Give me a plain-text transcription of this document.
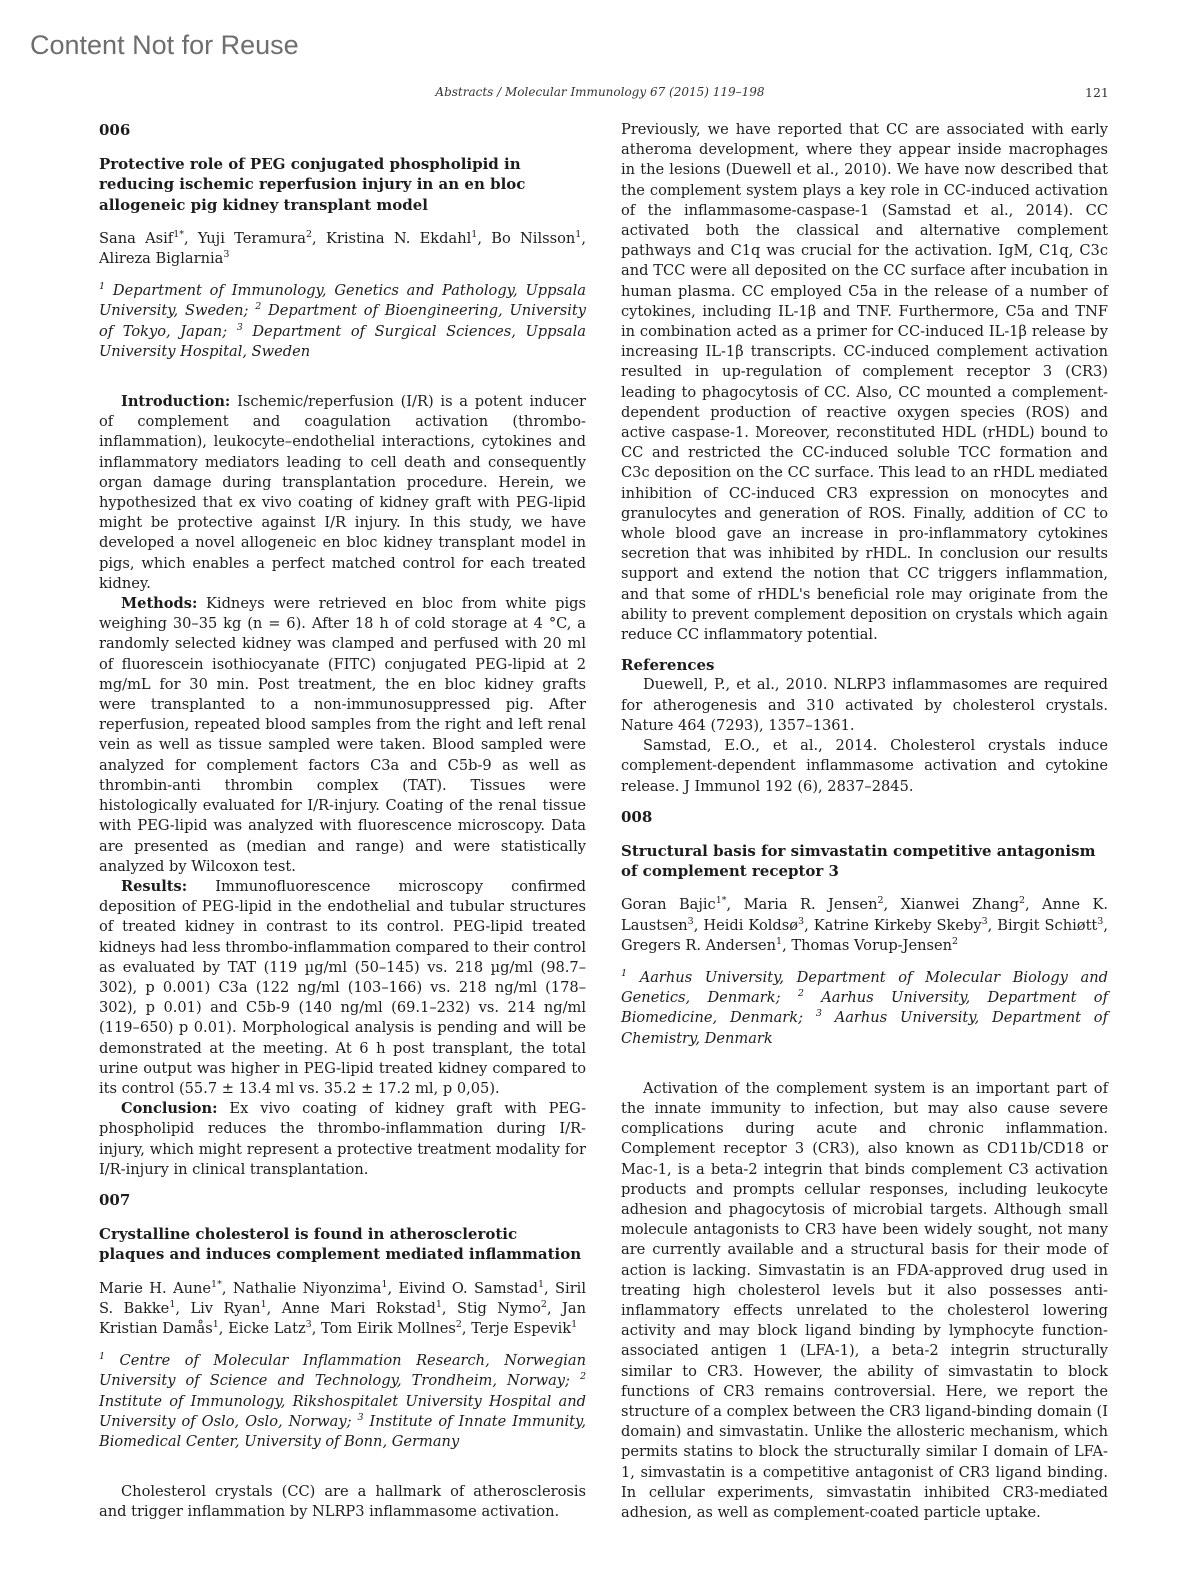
Content Not for Reuse
Abstracts / Molecular Immunology 67 (2015) 119–198	121
006
Protective role of PEG conjugated phospholipid in reducing ischemic reperfusion injury in an en bloc allogeneic pig kidney transplant model
Sana Asif$^{1*}$, Yuji Teramura$^2$, Kristina N. Ekdahl$^1$, Bo Nilsson$^1$, Alireza Biglarnia$^3$
$^1$ Department of Immunology, Genetics and Pathology, Uppsala University, Sweden; $^2$ Department of Bioengineering, University of Tokyo, Japan; $^3$ Department of Surgical Sciences, Uppsala University Hospital, Sweden

Introduction: Ischemic/reperfusion (I/R) is a potent inducer of complement and coagulation activation (thrombo-inflammation), leukocyte–endothelial interactions, cytokines and inflammatory mediators leading to cell death and consequently organ damage during transplantation procedure. Herein, we hypothesized that ex vivo coating of kidney graft with PEG-lipid might be protective against I/R injury. In this study, we have developed a novel allogeneic en bloc kidney transplant model in pigs, which enables a perfect matched control for each treated kidney.

Methods: Kidneys were retrieved en bloc from white pigs weighing 30–35 kg (n = 6). After 18 h of cold storage at 4 °C, a randomly selected kidney was clamped and perfused with 20 ml of fluorescein isothiocyanate (FITC) conjugated PEG-lipid at 2 mg/mL for 30 min. Post treatment, the en bloc kidney grafts were transplanted to a non-immunosuppressed pig. After reperfusion, repeated blood samples from the right and left renal vein as well as tissue sampled were taken. Blood sampled were analyzed for complement factors C3a and C5b-9 as well as thrombin-anti thrombin complex (TAT). Tissues were histologically evaluated for I/R-injury. Coating of the renal tissue with PEG-lipid was analyzed with fluorescence microscopy. Data are presented as (median and range) and were statistically analyzed by Wilcoxon test.

Results: Immunofluorescence microscopy confirmed deposition of PEG-lipid in the endothelial and tubular structures of treated kidney in contrast to its control. PEG-lipid treated kidneys had less thrombo-inflammation compared to their control as evaluated by TAT (119 µg/ml (50–145) vs. 218 µg/ml (98.7–302), p 0.001) C3a (122 ng/ml (103–166) vs. 218 ng/ml (178–302), p 0.01) and C5b-9 (140 ng/ml (69.1–232) vs. 214 ng/ml (119–650) p 0.01). Morphological analysis is pending and will be demonstrated at the meeting. At 6 h post transplant, the total urine output was higher in PEG-lipid treated kidney compared to its control (55.7 ± 13.4 ml vs. 35.2 ± 17.2 ml, p 0,05).

Conclusion: Ex vivo coating of kidney graft with PEG-phospholipid reduces the thrombo-inflammation during I/R-injury, which might represent a protective treatment modality for I/R-injury in clinical transplantation.

007
Crystalline cholesterol is found in atherosclerotic plaques and induces complement mediated inflammation
Marie H. Aune$^{1*}$, Nathalie Niyonzima$^1$, Eivind O. Samstad$^1$, Siril S. Bakke$^1$, Liv Ryan$^1$, Anne Mari Rokstad$^1$, Stig Nymo$^2$, Jan Kristian Damås$^1$, Eicke Latz$^3$, Tom Eirik Mollnes$^2$, Terje Espevik$^1$
$^1$ Centre of Molecular Inflammation Research, Norwegian University of Science and Technology, Trondheim, Norway; $^2$ Institute of Immunology, Rikshospitalet University Hospital and University of Oslo, Oslo, Norway; $^3$ Institute of Innate Immunity, Biomedical Center, University of Bonn, Germany

Cholesterol crystals (CC) are a hallmark of atherosclerosis and trigger inflammation by NLRP3 inflammasome activation.

Previously, we have reported that CC are associated with early atheroma development, where they appear inside macrophages in the lesions (Duewell et al., 2010). We have now described that the complement system plays a key role in CC-induced activation of the inflammasome-caspase-1 (Samstad et al., 2014). CC activated both the classical and alternative complement pathways and C1q was crucial for the activation. IgM, C1q, C3c and TCC were all deposited on the CC surface after incubation in human plasma. CC employed C5a in the release of a number of cytokines, including IL-1β and TNF. Furthermore, C5a and TNF in combination acted as a primer for CC-induced IL-1β release by increasing IL-1β transcripts. CC-induced complement activation resulted in up-regulation of complement receptor 3 (CR3) leading to phagocytosis of CC. Also, CC mounted a complement-dependent production of reactive oxygen species (ROS) and active caspase-1. Moreover, reconstituted HDL (rHDL) bound to CC and restricted the CC-induced soluble TCC formation and C3c deposition on the CC surface. This lead to an rHDL mediated inhibition of CC-induced CR3 expression on monocytes and granulocytes and generation of ROS. Finally, addition of CC to whole blood gave an increase in pro-inflammatory cytokines secretion that was inhibited by rHDL. In conclusion our results support and extend the notion that CC triggers inflammation, and that some of rHDL's beneficial role may originate from the ability to prevent complement deposition on crystals which again reduce CC inflammatory potential.

References

Duewell, P., et al., 2010. NLRP3 inflammasomes are required for atherogenesis and 310 activated by cholesterol crystals. Nature 464 (7293), 1357–1361.

Samstad, E.O., et al., 2014. Cholesterol crystals induce complement-dependent inflammasome activation and cytokine release. J Immunol 192 (6), 2837–2845.

008
Structural basis for simvastatin competitive antagonism of complement receptor 3
Goran Bajic$^{1*}$, Maria R. Jensen$^2$, Xianwei Zhang$^2$, Anne K. Laustsen$^3$, Heidi Koldsø$^3$, Katrine Kirkeby Skeby$^3$, Birgit Schiøtt$^3$, Gregers R. Andersen$^1$, Thomas Vorup-Jensen$^2$
$^1$ Aarhus University, Department of Molecular Biology and Genetics, Denmark; $^2$ Aarhus University, Department of Biomedicine, Denmark; $^3$ Aarhus University, Department of Chemistry, Denmark

Activation of the complement system is an important part of the innate immunity to infection, but may also cause severe complications during acute and chronic inflammation. Complement receptor 3 (CR3), also known as CD11b/CD18 or Mac-1, is a beta-2 integrin that binds complement C3 activation products and prompts cellular responses, including leukocyte adhesion and phagocytosis of microbial targets. Although small molecule antagonists to CR3 have been widely sought, not many are currently available and a structural basis for their mode of action is lacking. Simvastatin is an FDA-approved drug used in treating high cholesterol levels but it also possesses anti-inflammatory effects unrelated to the cholesterol lowering activity and may block ligand binding by lymphocyte function-associated antigen 1 (LFA-1), a beta-2 integrin structurally similar to CR3. However, the ability of simvastatin to block functions of CR3 remains controversial. Here, we report the structure of a complex between the CR3 ligand-binding domain (I domain) and simvastatin. Unlike the allosteric mechanism, which permits statins to block the structurally similar I domain of LFA-1, simvastatin is a competitive antagonist of CR3 ligand binding. In cellular experiments, simvastatin inhibited CR3-mediated adhesion, as well as complement-coated particle uptake.
